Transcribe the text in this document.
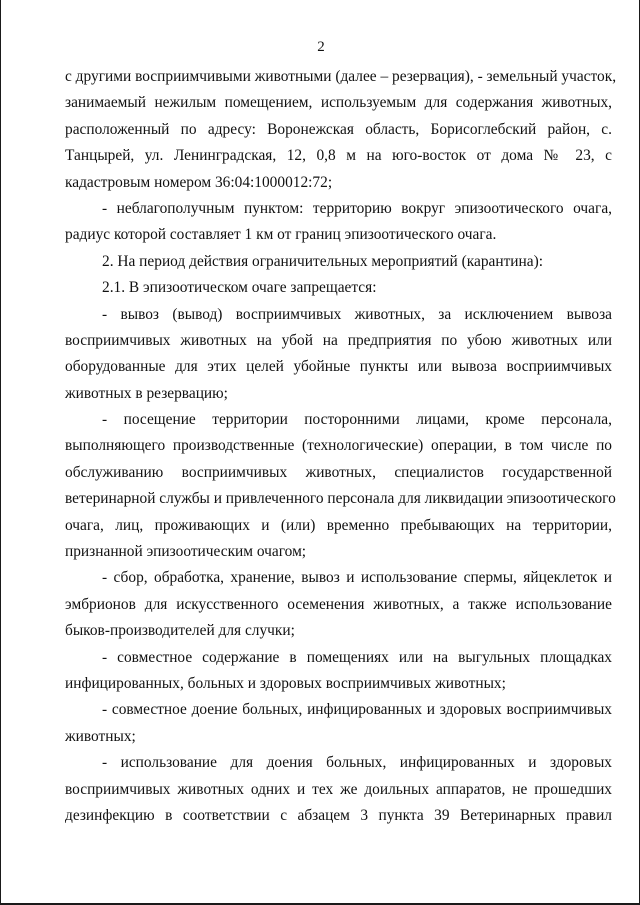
2
с другими восприимчивыми животными (далее – резервация), - земельный участок,
занимаемый нежилым помещением, используемым для содержания животных,
расположенный по адресу: Воронежская область, Борисоглебский район, с.
Танцырей, ул. Ленинградская, 12, 0,8 м на юго-восток от дома № 23, с
кадастровым номером 36:04:1000012:72;
- неблагополучным пунктом: территорию вокруг эпизоотического очага,
радиус которой составляет 1 км от границ эпизоотического очага.
2. На период действия ограничительных мероприятий (карантина):
2.1. В эпизоотическом очаге запрещается:
- вывоз (вывод) восприимчивых животных, за исключением вывоза
восприимчивых животных на убой на предприятия по убою животных или
оборудованные для этих целей убойные пункты или вывоза восприимчивых
животных в резервацию;
- посещение территории посторонними лицами, кроме персонала,
выполняющего производственные (технологические) операции, в том числе по
обслуживанию восприимчивых животных, специалистов государственной
ветеринарной службы и привлеченного персонала для ликвидации эпизоотического
очага, лиц, проживающих и (или) временно пребывающих на территории,
признанной эпизоотическим очагом;
- сбор, обработка, хранение, вывоз и использование спермы, яйцеклеток и
эмбрионов для искусственного осеменения животных, а также использование
быков-производителей для случки;
- совместное содержание в помещениях или на выгульных площадках
инфицированных, больных и здоровых восприимчивых животных;
- совместное доение больных, инфицированных и здоровых восприимчивых
животных;
- использование для доения больных, инфицированных и здоровых
восприимчивых животных одних и тех же доильных аппаратов, не прошедших
дезинфекцию в соответствии с абзацем 3 пункта 39 Ветеринарных правил
